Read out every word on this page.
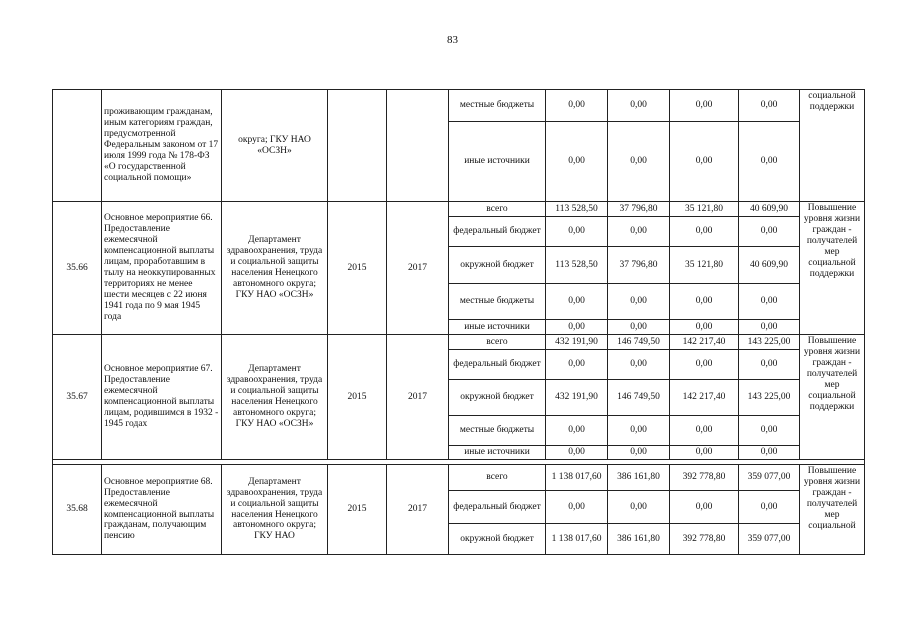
83
	проживающим гражданам, иным категориям граждан, предусмотренной Федеральным законом от 17 июля 1999 года № 178-ФЗ «О государственной социальной помощи»	округа; ГКУ НАО «ОСЗН»			местные бюджеты	0,00	0,00	0,00	0,00	социальной поддержки
					иные источники	0,00	0,00	0,00	0,00	
35.66	Основное мероприятие 66. Предоставление ежемесячной компенсационной выплаты лицам, проработавшим в тылу на неоккупированных территориях не менее шести месяцев с 22 июня 1941 года по 9 мая 1945 года	Департамент здравоохранения, труда и социальной защиты населения Ненецкого автономного округа; ГКУ НАО «ОСЗН»	2015	2017	всего	113 528,50	37 796,80	35 121,80	40 609,90	Повышение уровня жизни граждан - получателей мер социальной поддержки
					федеральный бюджет	0,00	0,00	0,00	0,00	
					окружной бюджет	113 528,50	37 796,80	35 121,80	40 609,90	
					местные бюджеты	0,00	0,00	0,00	0,00	
					иные источники	0,00	0,00	0,00	0,00	
35.67	Основное мероприятие 67. Предоставление ежемесячной компенсационной выплаты лицам, родившимся в 1932 - 1945 годах	Департамент здравоохранения, труда и социальной защиты населения Ненецкого автономного округа; ГКУ НАО «ОСЗН»	2015	2017	всего	432 191,90	146 749,50	142 217,40	143 225,00	Повышение уровня жизни граждан - получателей мер социальной поддержки
					федеральный бюджет	0,00	0,00	0,00	0,00	
					окружной бюджет	432 191,90	146 749,50	142 217,40	143 225,00	
					местные бюджеты	0,00	0,00	0,00	0,00	
					иные источники	0,00	0,00	0,00	0,00	

35.68	Основное мероприятие 68. Предоставление ежемесячной компенсационной выплаты гражданам, получающим пенсию	Департамент здравоохранения, труда и социальной защиты населения Ненецкого автономного округа; ГКУ НАО	2015	2017	всего	1 138 017,60	386 161,80	392 778,80	359 077,00	Повышение уровня жизни граждан - получателей мер социальной
					федеральный бюджет	0,00	0,00	0,00	0,00	
					окружной бюджет	1 138 017,60	386 161,80	392 778,80	359 077,00	
